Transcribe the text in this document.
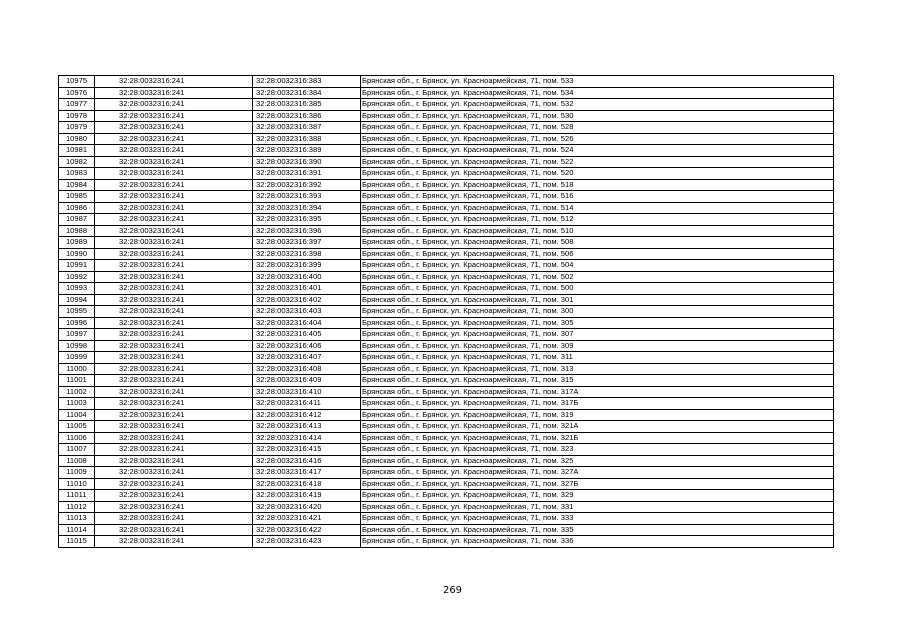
10975	32:28:0032316:241	32:28:0032316:383	Брянская обл., г. Брянск, ул. Красноармейская, 71, пом. 533
10976	32:28:0032316:241	32:28:0032316:384	Брянская обл., г. Брянск, ул. Красноармейская, 71, пом. 534
10977	32:28:0032316:241	32:28:0032316:385	Брянская обл., г. Брянск, ул. Красноармейская, 71, пом. 532
10978	32:28:0032316:241	32:28:0032316:386	Брянская обл., г. Брянск, ул. Красноармейская, 71, пом. 530
10979	32:28:0032316:241	32:28:0032316:387	Брянская обл., г. Брянск, ул. Красноармейская, 71, пом. 528
10980	32:28:0032316:241	32:28:0032316:388	Брянская обл., г. Брянск, ул. Красноармейская, 71, пом. 526
10981	32:28:0032316:241	32:28:0032316:389	Брянская обл., г. Брянск, ул. Красноармейская, 71, пом. 524
10982	32:28:0032316:241	32:28:0032316:390	Брянская обл., г. Брянск, ул. Красноармейская, 71, пом. 522
10983	32:28:0032316:241	32:28:0032316:391	Брянская обл., г. Брянск, ул. Красноармейская, 71, пом. 520
10984	32:28:0032316:241	32:28:0032316:392	Брянская обл., г. Брянск, ул. Красноармейская, 71, пом. 518
10985	32:28:0032316:241	32:28:0032316:393	Брянская обл., г. Брянск, ул. Красноармейская, 71, пом. 516
10986	32:28:0032316:241	32:28:0032316:394	Брянская обл., г. Брянск, ул. Красноармейская, 71, пом. 514
10987	32:28:0032316:241	32:28:0032316:395	Брянская обл., г. Брянск, ул. Красноармейская, 71, пом. 512
10988	32:28:0032316:241	32:28:0032316:396	Брянская обл., г. Брянск, ул. Красноармейская, 71, пом. 510
10989	32:28:0032316:241	32:28:0032316:397	Брянская обл., г. Брянск, ул. Красноармейская, 71, пом. 508
10990	32:28:0032316:241	32:28:0032316:398	Брянская обл., г. Брянск, ул. Красноармейская, 71, пом. 506
10991	32:28:0032316:241	32:28:0032316:399	Брянская обл., г. Брянск, ул. Красноармейская, 71, пом. 504
10992	32:28:0032316:241	32:28:0032316:400	Брянская обл., г. Брянск, ул. Красноармейская, 71, пом. 502
10993	32:28:0032316:241	32:28:0032316:401	Брянская обл., г. Брянск, ул. Красноармейская, 71, пом. 500
10994	32:28:0032316:241	32:28:0032316:402	Брянская обл., г. Брянск, ул. Красноармейская, 71, пом. 301
10995	32:28:0032316:241	32:28:0032316:403	Брянская обл., г. Брянск, ул. Красноармейская, 71, пом. 300
10996	32:28:0032316:241	32:28:0032316:404	Брянская обл., г. Брянск, ул. Красноармейская, 71, пом. 305
10997	32:28:0032316:241	32:28:0032316:405	Брянская обл., г. Брянск, ул. Красноармейская, 71, пом. 307
10998	32:28:0032316:241	32:28:0032316:406	Брянская обл., г. Брянск, ул. Красноармейская, 71, пом. 309
10999	32:28:0032316:241	32:28:0032316:407	Брянская обл., г. Брянск, ул. Красноармейская, 71, пом. 311
11000	32:28:0032316:241	32:28:0032316:408	Брянская обл., г. Брянск, ул. Красноармейская, 71, пом. 313
11001	32:28:0032316:241	32:28:0032316:409	Брянская обл., г. Брянск, ул. Красноармейская, 71, пом. 315
11002	32:28:0032316:241	32:28:0032316:410	Брянская обл., г. Брянск, ул. Красноармейская, 71, пом. 317А
11003	32:28:0032316:241	32:28:0032316:411	Брянская обл., г. Брянск, ул. Красноармейская, 71, пом. 317Б
11004	32:28:0032316:241	32:28:0032316:412	Брянская обл., г. Брянск, ул. Красноармейская, 71, пом. 319
11005	32:28:0032316:241	32:28:0032316:413	Брянская обл., г. Брянск, ул. Красноармейская, 71, пом. 321А
11006	32:28:0032316:241	32:28:0032316:414	Брянская обл., г. Брянск, ул. Красноармейская, 71, пом. 321Б
11007	32:28:0032316:241	32:28:0032316:415	Брянская обл., г. Брянск, ул. Красноармейская, 71, пом. 323
11008	32:28:0032316:241	32:28:0032316:416	Брянская обл., г. Брянск, ул. Красноармейская, 71, пом. 325
11009	32:28:0032316:241	32:28:0032316:417	Брянская обл., г. Брянск, ул. Красноармейская, 71, пом. 327А
11010	32:28:0032316:241	32:28:0032316:418	Брянская обл., г. Брянск, ул. Красноармейская, 71, пом. 327Б
11011	32:28:0032316:241	32:28:0032316:419	Брянская обл., г. Брянск, ул. Красноармейская, 71, пом. 329
11012	32:28:0032316:241	32:28:0032316:420	Брянская обл., г. Брянск, ул. Красноармейская, 71, пом. 331
11013	32:28:0032316:241	32:28:0032316:421	Брянская обл., г. Брянск, ул. Красноармейская, 71, пом. 333
11014	32:28:0032316:241	32:28:0032316:422	Брянская обл., г. Брянск, ул. Красноармейская, 71, пом. 335
11015	32:28:0032316:241	32:28:0032316:423	Брянская обл., г. Брянск, ул. Красноармейская, 71, пом. 336
269
